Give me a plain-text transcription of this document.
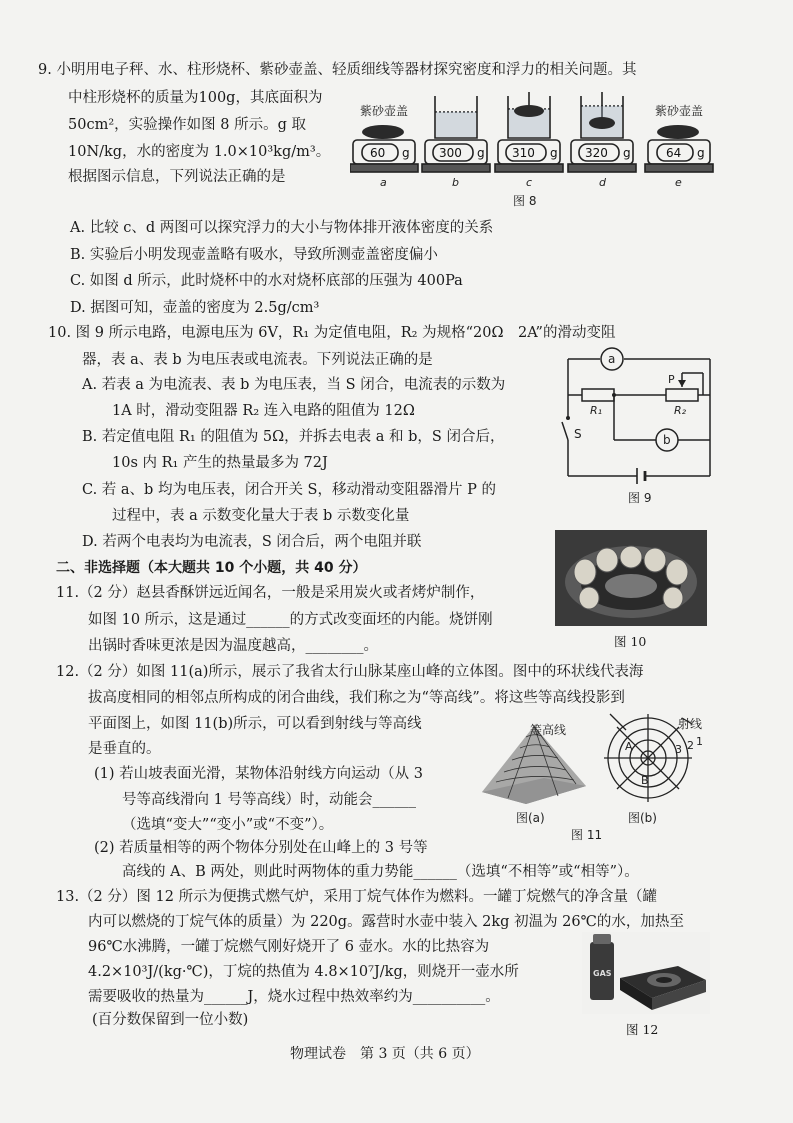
9. 小明用电子秤、水、柱形烧杯、紫砂壶盖、轻质细线等器材探究密度和浮力的相关问题。其
中柱形烧杯的质量为100g，其底面积为
50cm²，实验操作如图 8 所示。g 取
10N/kg，水的密度为 1.0×10³kg/m³。
根据图示信息，下列说法正确的是
紫砂壶盖	紫砂壶盖
60 g 300 g 310 g 320 g	64 g
a	b	c	d	e
图 8
A. 比较 c、d 两图可以探究浮力的大小与物体排开液体密度的关系
B. 实验后小明发现壶盖略有吸水，导致所测壶盖密度偏小
C. 如图 d 所示，此时烧杯中的水对烧杯底部的压强为 400Pa
D. 据图可知，壶盖的密度为 2.5g/cm³
10. 图 9 所示电路，电源电压为 6V，R₁ 为定值电阻，R₂ 为规格“20Ω　2A”的滑动变阻
器，表 a、表 b 为电压表或电流表。下列说法正确的是
A. 若表 a 为电流表、表 b 为电压表，当 S 闭合，电流表的示数为
1A 时，滑动变阻器 R₂ 连入电路的阻值为 12Ω
B. 若定值电阻 R₁ 的阻值为 5Ω，并拆去电表 a 和 b，S 闭合后，
10s 内 R₁ 产生的热量最多为 72J
C. 若 a、b 均为电压表，闭合开关 S，移动滑动变阻器滑片 P 的
过程中，表 a 示数变化量大于表 b 示数变化量
D. 若两个电表均为电流表，S 闭合后，两个电阻并联
a
b
P
R₁	R₂
S
图 9
二、非选择题（本大题共 10 个小题，共 40 分）
11.（2 分）赵县香酥饼远近闻名，一般是采用炭火或者烤炉制作，
如图 10 所示，这是通过______的方式改变面坯的内能。烧饼刚
出锅时香味更浓是因为温度越高，________。	图 10
12.（2 分）如图 11(a)所示，展示了我省太行山脉某座山峰的立体图。图中的环状线代表海
拔高度相同的相邻点所构成的闭合曲线，我们称之为“等高线”。将这些等高线投影到
平面图上，如图 11(b)所示，可以看到射线与等高线
是垂直的。
(1) 若山坡表面光滑，某物体沿射线方向运动（从 3
号等高线滑向 1 号等高线）时，动能会______
（选填“变大”“变小”或“不变”）。
(2) 若质量相等的两个物体分别处在山峰上的 3 号等
高线的 A、B 两处，则此时两物体的重力势能______（选填“不相等”或“相等”）。
图(a)
等高线	射线
3 2 1
A
B
图(b)
图 11
13.（2 分）图 12 所示为便携式燃气炉，采用丁烷气体作为燃料。一罐丁烷燃气的净含量（罐
内可以燃烧的丁烷气体的质量）为 220g。露营时水壶中装入 2kg 初温为 26℃的水，加热至
96℃水沸腾，一罐丁烷燃气刚好烧开了 6 壶水。水的比热容为
4.2×10³J/(kg·℃)，丁烷的热值为 4.8×10⁷J/kg，则烧开一壶水所
需要吸收的热量为______J，烧水过程中热效率约为__________。
(百分数保留到一位小数)
GAS
图 12
物理试卷　第 3 页（共 6 页）
